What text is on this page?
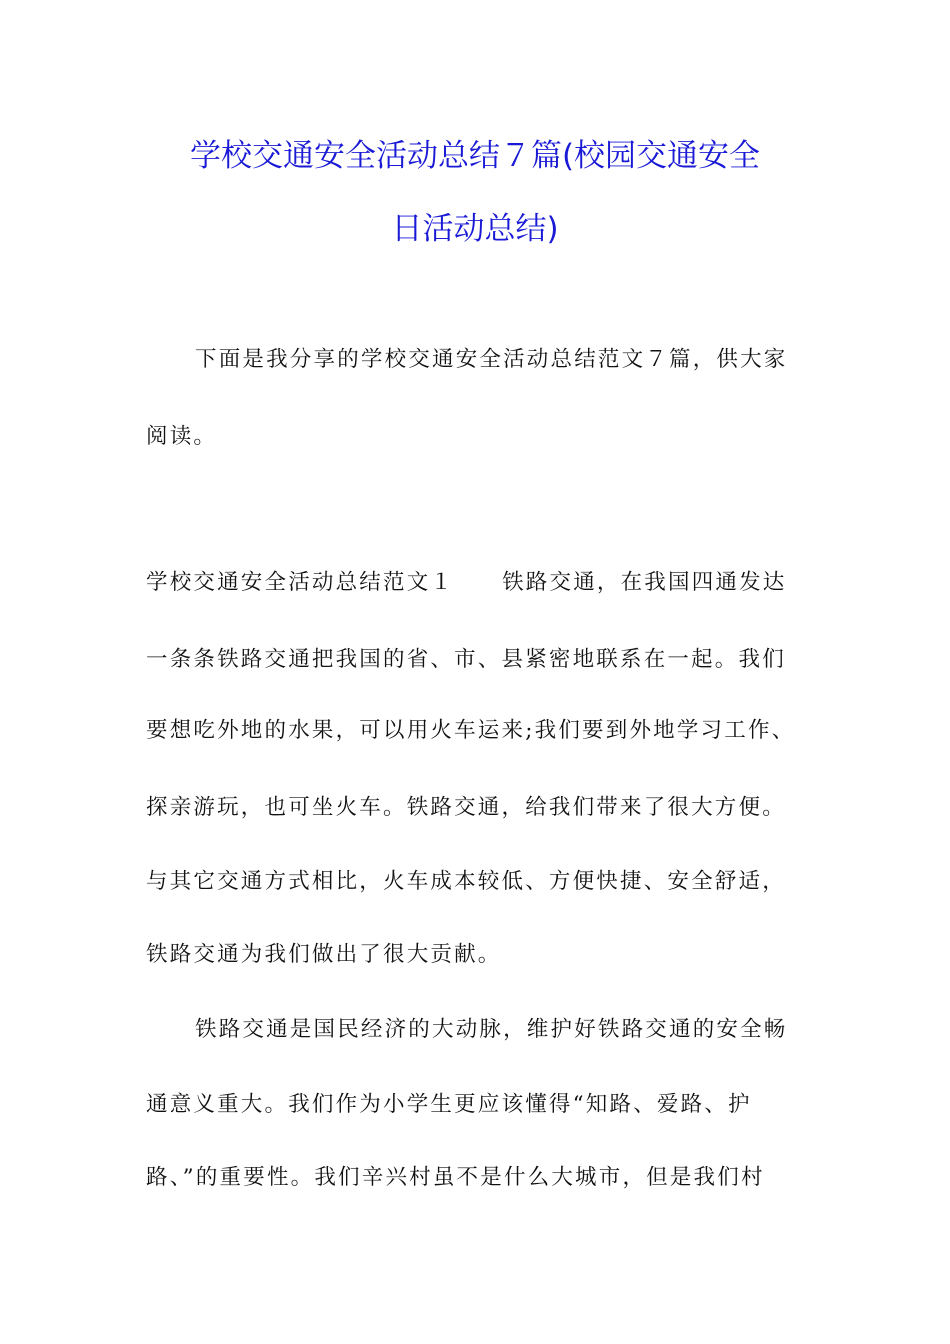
学校交通安全活动总结７篇(校园交通安全
日活动总结)
下面是我分享的学校交通安全活动总结范文７篇，供大家
阅读。
学校交通安全活动总结范文１ 铁路交通，在我国四通发达
一条条铁路交通把我国的省、市、县紧密地联系在一起。我们
要想吃外地的水果，可以用火车运来;我们要到外地学习工作、
探亲游玩，也可坐火车。铁路交通，给我们带来了很大方便。
与其它交通方式相比，火车成本较低、方便快捷、安全舒适，
铁路交通为我们做出了很大贡献。
铁路交通是国民经济的大动脉，维护好铁路交通的安全畅
通意义重大。我们作为小学生更应该懂得“知路、爱路、护
路、”的重要性。我们辛兴村虽不是什么大城市，但是我们村
